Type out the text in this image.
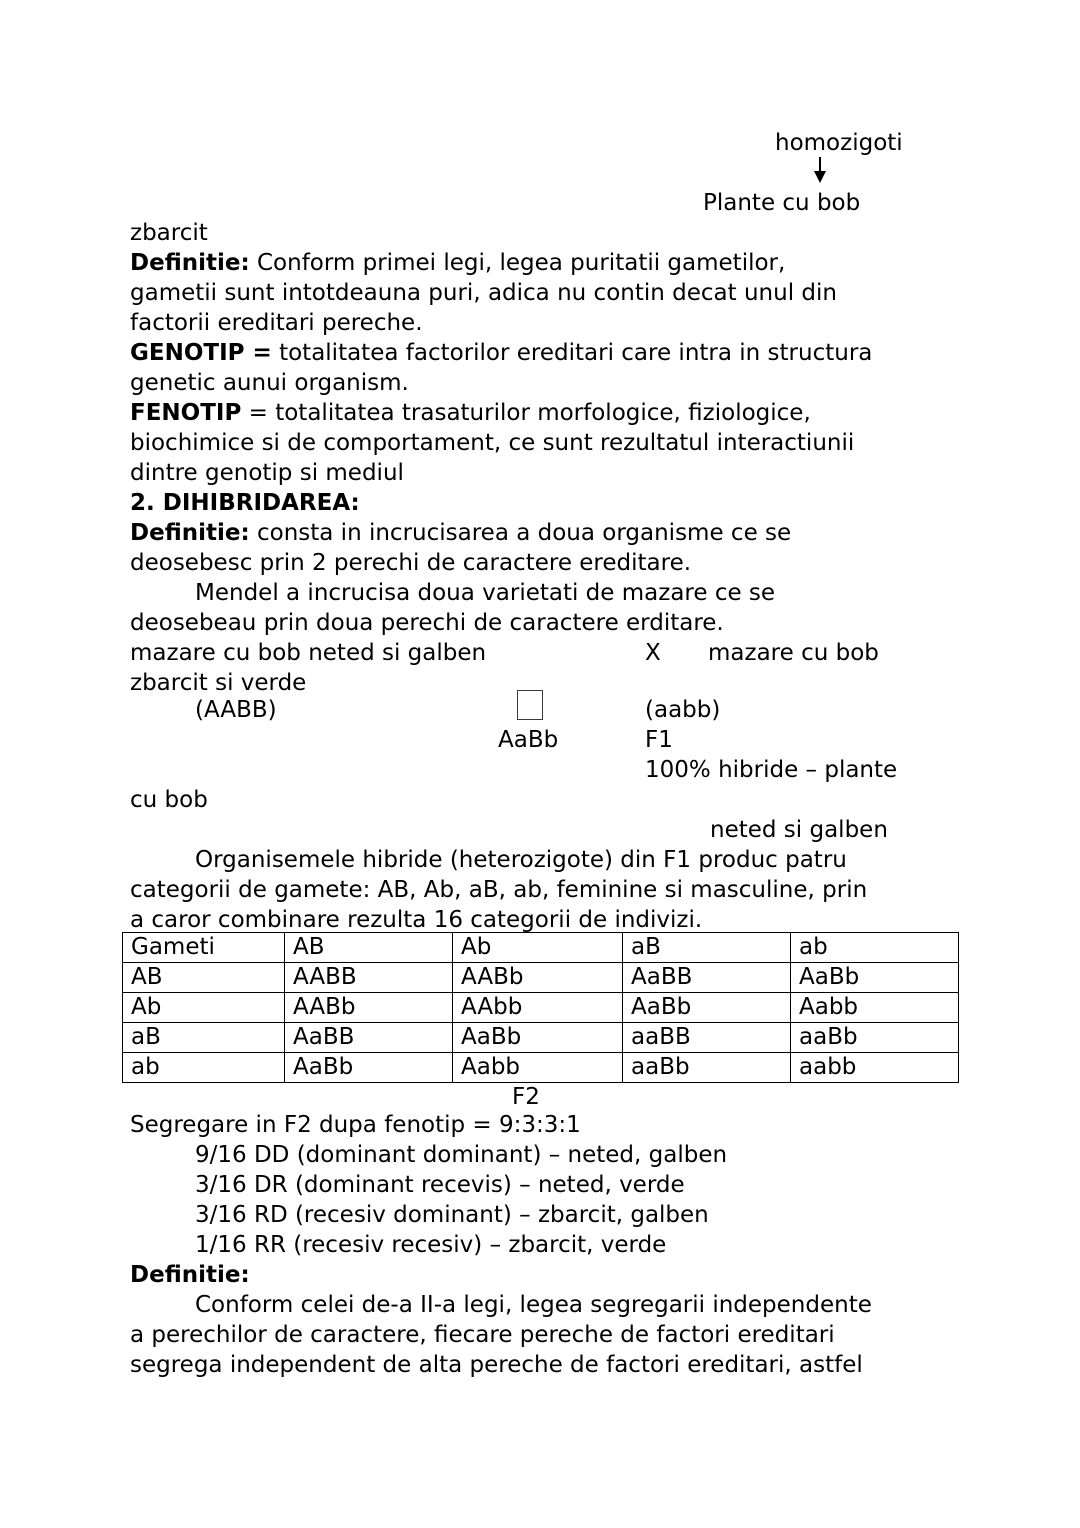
homozigoti
Plante cu bob
zbarcit
Definitie: Conform primei legi, legea puritatii gametilor,
gametii sunt intotdeauna puri, adica nu contin decat unul din
factorii ereditari pereche.
GENOTIP = totalitatea factorilor ereditari care intra in structura
genetic aunui organism.
FENOTIP = totalitatea trasaturilor morfologice, fiziologice,
biochimice si de comportament, ce sunt rezultatul interactiunii
dintre genotip si mediul
2. DIHIBRIDAREA:
Definitie: consta in incrucisarea a doua organisme ce se
deosebesc prin 2 perechi de caractere ereditare.
Mendel a incrucisa doua varietati de mazare ce se
deosebeau prin doua perechi de caractere erditare.
mazare cu bob neted si galben	X mazare cu bob
zbarcit si verde
(AABB)	(aabb)
AaBb	F1
100% hibride – plante
cu bob
neted si galben
Organisemele hibride (heterozigote) din F1 produc patru
categorii de gamete: AB, Ab, aB, ab, feminine si masculine, prin
a caror combinare rezulta 16 categorii de indivizi.
F2
Segregare in F2 dupa fenotip = 9:3:3:1
9/16 DD (dominant dominant) – neted, galben
3/16 DR (dominant recevis) – neted, verde
3/16 RD (recesiv dominant) – zbarcit, galben
1/16 RR (recesiv recesiv) – zbarcit, verde
Definitie:
Conform celei de-a II-a legi, legea segregarii independente
a perechilor de caractere, fiecare pereche de factori ereditari
segrega independent de alta pereche de factori ereditari, astfel
Gameti	AB	Ab	aB	ab
AB	AABB	AABb	AaBB	AaBb
Ab	AABb	AAbb	AaBb	Aabb
aB	AaBB	AaBb	aaBB	aaBb
ab	AaBb	Aabb	aaBb	aabb
